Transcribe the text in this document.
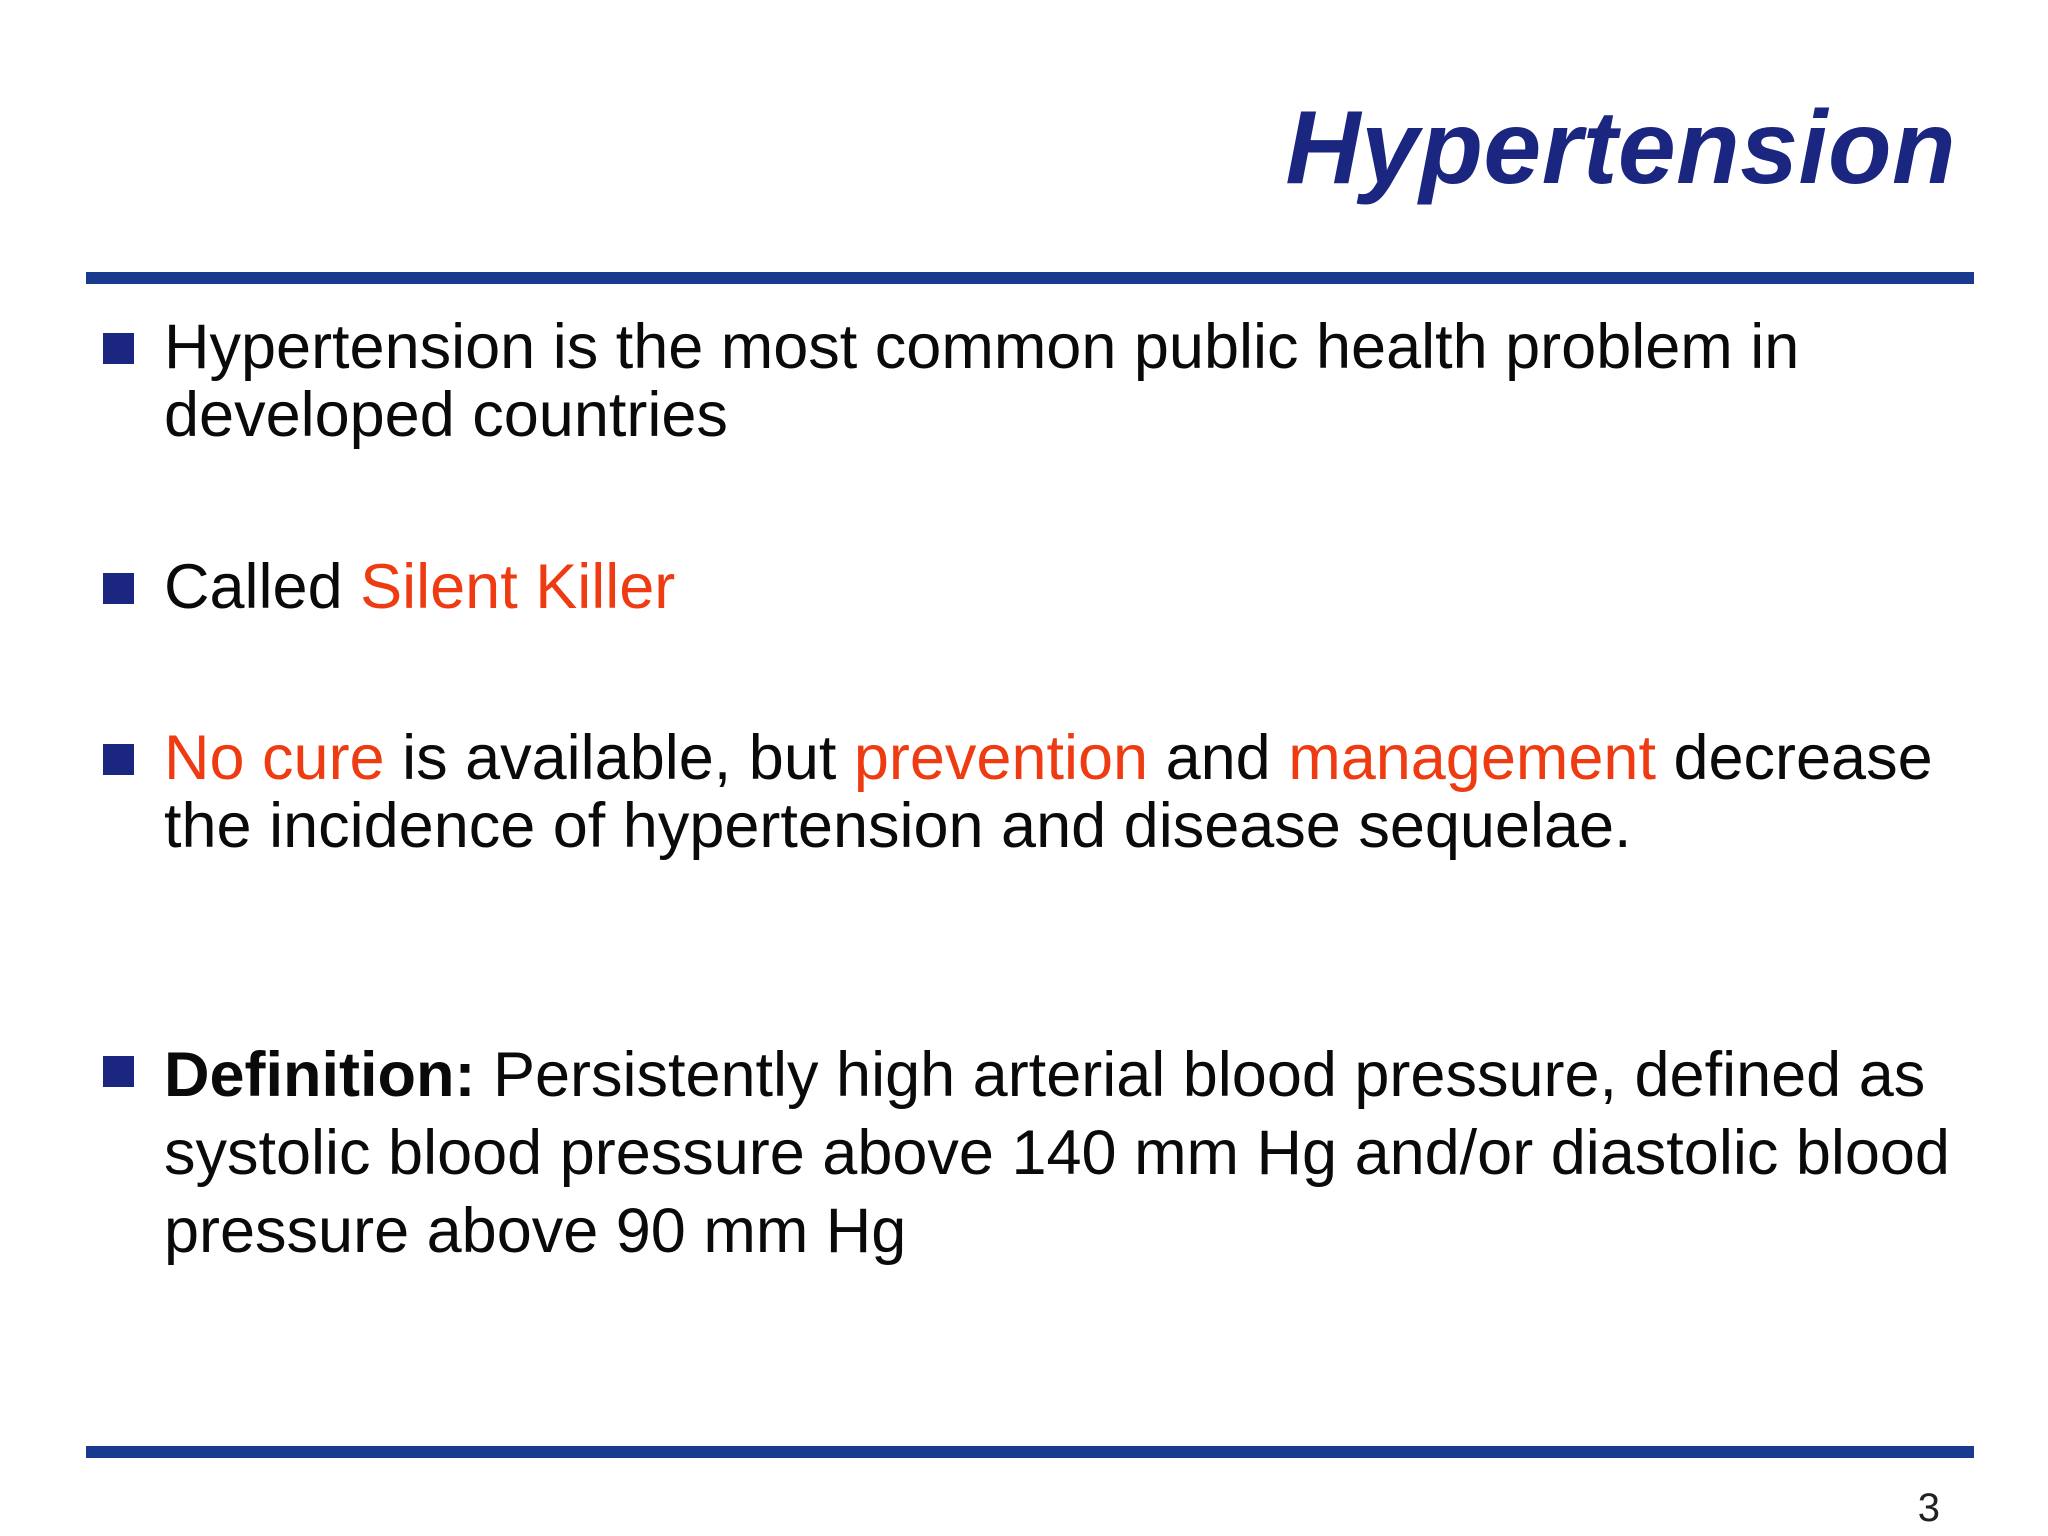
Hypertension
Hypertension is the most common public health problem in developed countries
Called Silent Killer
No cure is available, but prevention and management decrease the incidence of hypertension and disease sequelae.
Definition: Persistently high arterial blood pressure, defined as systolic blood pressure above 140 mm Hg and/or diastolic blood pressure above 90 mm Hg
3
